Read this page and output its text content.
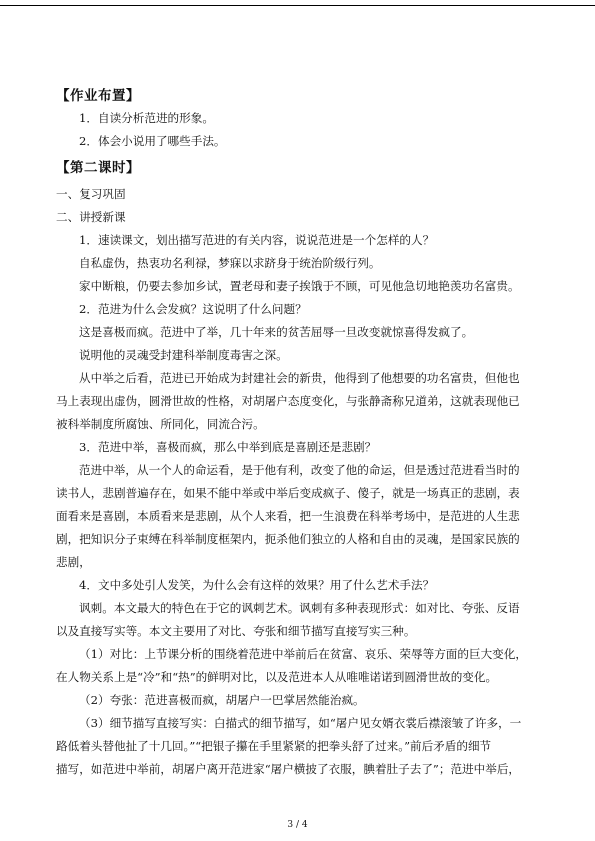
【作业布置】
1．自读分析范进的形象。
2．体会小说用了哪些手法。
【第二课时】
一、复习巩固
二、讲授新课
1．速读课文，划出描写范进的有关内容，说说范进是一个怎样的人？
自私虚伪，热衷功名利禄，梦寐以求跻身于统治阶级行列。
家中断粮，仍要去参加乡试，置老母和妻子挨饿于不顾，可见他急切地艳羡功名富贵。
2．范进为什么会发疯？这说明了什么问题？
这是喜极而疯。范进中了举，几十年来的贫苦屈辱一旦改变就惊喜得发疯了。
说明他的灵魂受封建科举制度毒害之深。
从中举之后看，范进已开始成为封建社会的新贵，他得到了他想要的功名富贵，但他也
马上表现出虚伪，圆滑世故的性格，对胡屠户态度变化，与张静斋称兄道弟，这就表现他已
被科举制度所腐蚀、所同化，同流合污。
3．范进中举，喜极而疯，那么中举到底是喜剧还是悲剧？
范进中举，从一个人的命运看，是于他有利，改变了他的命运，但是透过范进看当时的
读书人，悲剧普遍存在，如果不能中举或中举后变成疯子、傻子，就是一场真正的悲剧，表
面看来是喜剧，本质看来是悲剧，从个人来看，把一生浪费在科举考场中，是范进的人生悲
剧，把知识分子束缚在科举制度框架内，扼杀他们独立的人格和自由的灵魂，是国家民族的
悲剧，
4．文中多处引人发笑，为什么会有这样的效果？用了什么艺术手法？
讽刺。本文最大的特色在于它的讽刺艺术。讽刺有多种表现形式：如对比、夸张、反语
以及直接写实等。本文主要用了对比、夸张和细节描写直接写实三种。
（1）对比：上节课分析的围绕着范进中举前后在贫富、哀乐、荣辱等方面的巨大变化，
在人物关系上是“冷”和“热”的鲜明对比，以及范进本人从唯唯诺诺到圆滑世故的变化。
（2）夸张：范进喜极而疯，胡屠户一巴掌居然能治疯。
（3）细节描写直接写实：白描式的细节描写，如“屠户见女婿衣裳后襟滚皱了许多，一
路低着头替他扯了十几回。”“把银子攥在手里紧紧的把拳头舒了过来。”前后矛盾的细节
描写，如范进中举前，胡屠户离开范进家“屠户横披了衣服，腆着肚子去了”；范进中举后，
3 / 4
